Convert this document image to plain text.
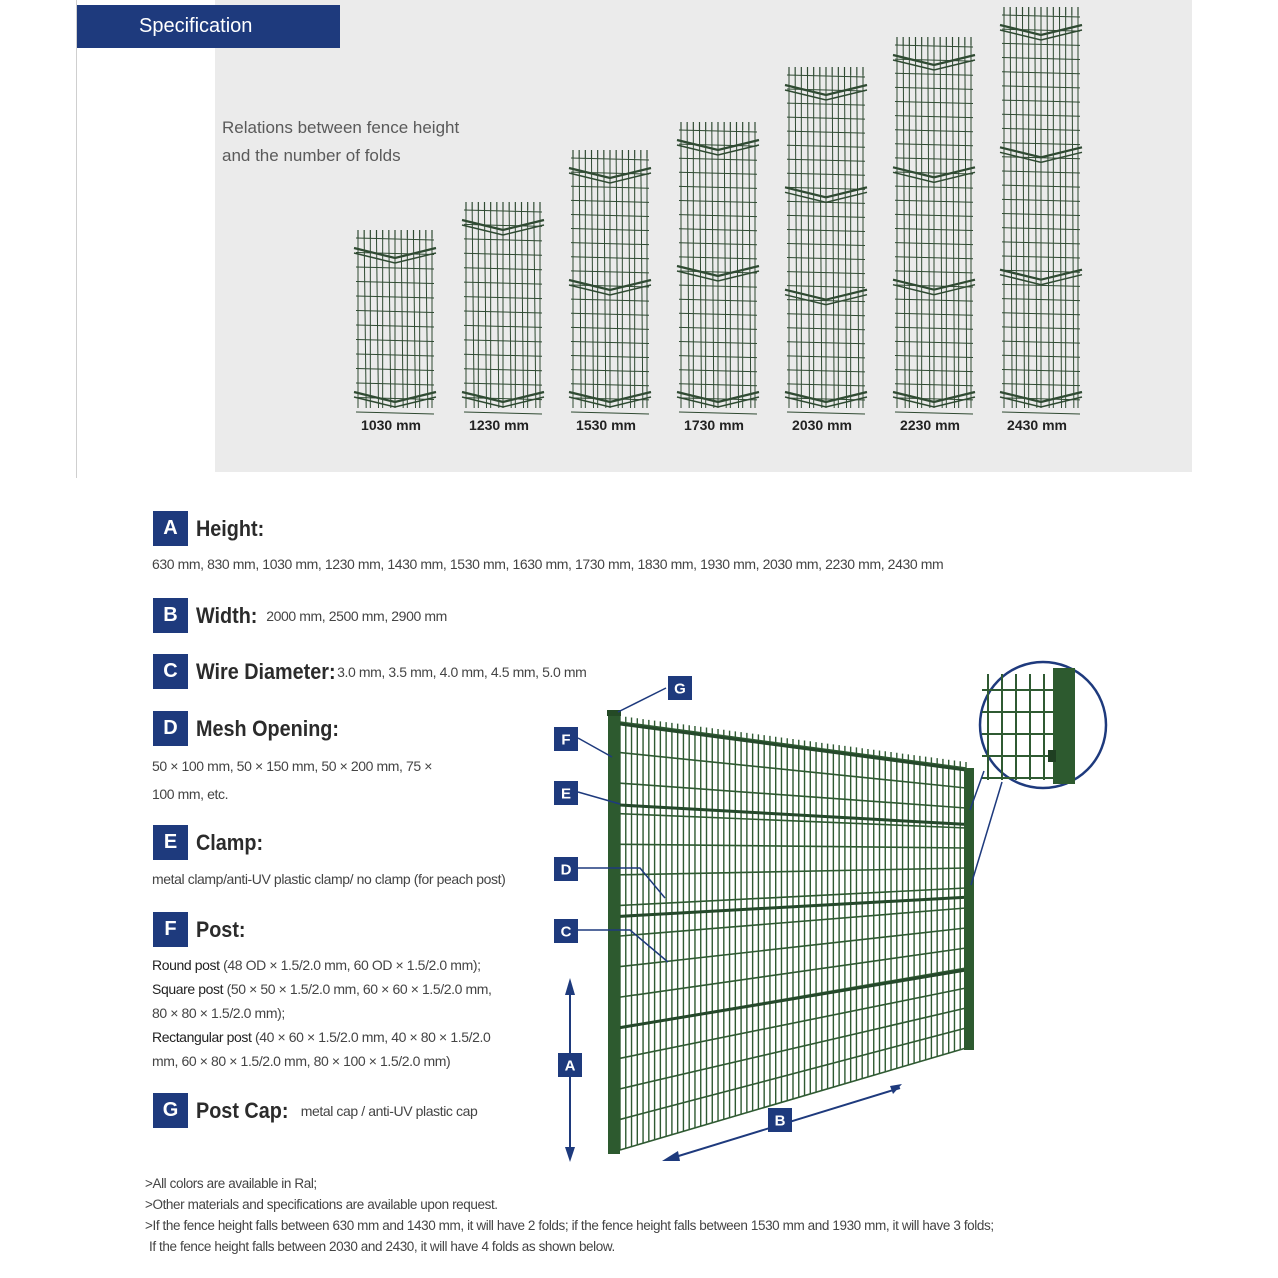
Specification
Relations between fence height
and the number of folds
1030 mm	1230 mm	1530 mm	1730 mm	2030 mm	2230 mm	2430 mm
A Height:
630 mm, 830 mm, 1030 mm, 1230 mm, 1430 mm, 1530 mm, 1630 mm, 1730 mm, 1830 mm, 1930 mm, 2030 mm, 2230 mm, 2430 mm
B Width: 2000 mm, 2500 mm, 2900 mm
C Wire Diameter: 3.0 mm, 3.5 mm, 4.0 mm, 4.5 mm, 5.0 mm
D Mesh Opening:
50 × 100 mm, 50 × 150 mm, 50 × 200 mm, 75 ×
100 mm, etc.
E Clamp:
metal clamp/anti-UV plastic clamp/ no clamp (for peach post)
F Post:
Round post (48 OD × 1.5/2.0 mm, 60 OD × 1.5/2.0 mm);
Square post (50 × 50 × 1.5/2.0 mm, 60 × 60 × 1.5/2.0 mm,
80 × 80 × 1.5/2.0 mm);
Rectangular post (40 × 60 × 1.5/2.0 mm, 40 × 80 × 1.5/2.0
mm, 60 × 80 × 1.5/2.0 mm, 80 × 100 × 1.5/2.0 mm)
G Post Cap: metal cap / anti-UV plastic cap
>All colors are available in Ral;
>Other materials and specifications are available upon request.
>If the fence height falls between 630 mm and 1430 mm, it will have 2 folds; if the fence height falls between 1530 mm and 1930 mm, it will have 3 folds;
If the fence height falls between 2030 and 2430, it will have 4 folds as shown below.
G
F
E
D
C
A
B
